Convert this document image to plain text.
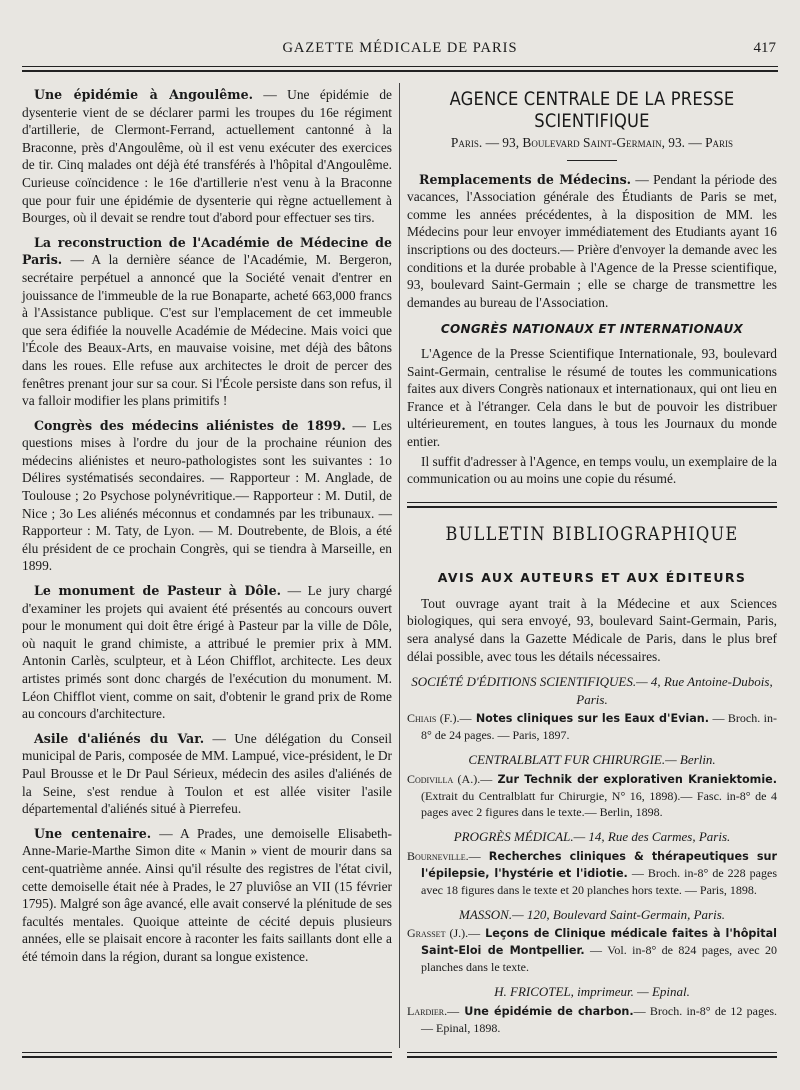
GAZETTE MÉDICALE DE PARIS	417
Une épidémie à Angoulême. — Une épidémie de dysenterie vient de se déclarer parmi les troupes du 16e régiment d'artillerie, de Clermont-Ferrand, actuellement cantonné à la Braconne, près d'Angoulême, où il est venu exécuter des exercices de tir. Cinq malades ont déjà été transférés à l'hôpital d'Angoulême. Curieuse coïncidence : le 16e d'artillerie n'est venu à la Braconne que pour fuir une épidémie de dysenterie qui règne actuellement à Bourges, où il devait se rendre tout d'abord pour effectuer ses tirs.
La reconstruction de l'Académie de Médecine de Paris. — A la dernière séance de l'Académie, M. Bergeron, secrétaire perpétuel a annoncé que la Société venait d'entrer en jouissance de l'immeuble de la rue Bonaparte, acheté 663,000 francs à l'Assistance publique. C'est sur l'emplacement de cet immeuble que sera édifiée la nouvelle Académie de Médecine. Mais voici que l'École des Beaux-Arts, en mauvaise voisine, met déjà des bâtons dans les roues. Elle refuse aux architectes le droit de percer des fenêtres prenant jour sur sa cour. Si l'École persiste dans son refus, il va falloir modifier les plans primitifs !
Congrès des médecins aliénistes de 1899. — Les questions mises à l'ordre du jour de la prochaine réunion des médecins aliénistes et neuro-pathologistes sont les suivantes : 1o Délires systématisés secondaires. — Rapporteur : M. Anglade, de Toulouse ; 2o Psychose polynévritique.— Rapporteur : M. Dutil, de Nice ; 3o Les aliénés méconnus et condamnés par les tribunaux. — Rapporteur : M. Taty, de Lyon. — M. Doutrebente, de Blois, a été élu président de ce prochain Congrès, qui se tiendra à Marseille, en 1899.
Le monument de Pasteur à Dôle. — Le jury chargé d'examiner les projets qui avaient été présentés au concours ouvert pour le monument qui doit être érigé à Pasteur par la ville de Dôle, où naquit le grand chimiste, a attribué le premier prix à MM. Antonin Carlès, sculpteur, et à Léon Chifflot, architecte. Les deux artistes primés sont donc chargés de l'exécution du monument. M. Léon Chifflot vient, comme on sait, d'obtenir le grand prix de Rome au concours d'architecture.
Asile d'aliénés du Var. — Une délégation du Conseil municipal de Paris, composée de MM. Lampué, vice-président, le Dr Paul Brousse et le Dr Paul Sérieux, médecin des asiles d'aliénés de la Seine, s'est rendue à Toulon et est allée visiter l'asile départemental d'aliénés situé à Pierrefeu.
Une centenaire. — A Prades, une demoiselle Elisabeth-Anne-Marie-Marthe Simon dite « Manin » vient de mourir dans sa cent-quatrième année. Ainsi qu'il résulte des registres de l'état civil, cette demoiselle était née à Prades, le 27 pluviôse an VII (15 février 1795). Malgré son âge avancé, elle avait conservé la plénitude de ses facultés mentales. Quoique atteinte de cécité depuis plusieurs années, elle se plaisait encore à raconter les faits saillants dont elle a été témoin dans la région, durant sa longue existence.
AGENCE CENTRALE DE LA PRESSE SCIENTIFIQUE
Paris. — 93, Boulevard Saint-Germain, 93. — Paris
Remplacements de Médecins. — Pendant la période des vacances, l'Association générale des Étudiants de Paris se met, comme les années précédentes, à la disposition de MM. les Médecins pour leur envoyer immédiatement des Etudiants ayant 16 inscriptions ou des docteurs.— Prière d'envoyer la demande avec les conditions et la durée probable à l'Agence de la Presse scientifique, 93, boulevard Saint-Germain ; elle se charge de transmettre les demandes au bureau de l'Association.
CONGRÈS NATIONAUX ET INTERNATIONAUX
L'Agence de la Presse Scientifique Internationale, 93, boulevard Saint-Germain, centralise le résumé de toutes les communications faites aux divers Congrès nationaux et internationaux, qui ont lieu en France et à l'étranger. Cela dans le but de pouvoir les distribuer ultérieurement, en toutes langues, à tous les Journaux du monde entier.
Il suffit d'adresser à l'Agence, en temps voulu, un exemplaire de la communication ou au moins une copie du résumé.
BULLETIN BIBLIOGRAPHIQUE
AVIS AUX AUTEURS ET AUX ÉDITEURS
Tout ouvrage ayant trait à la Médecine et aux Sciences biologiques, qui sera envoyé, 93, boulevard Saint-Germain, Paris, sera analysé dans la Gazette Médicale de Paris, dans le plus bref délai possible, avec tous les détails nécessaires.
SOCIÉTÉ D'ÉDITIONS SCIENTIFIQUES.— 4, Rue Antoine-Dubois, Paris.
Chiais (F.).— Notes cliniques sur les Eaux d'Evian. — Broch. in-8° de 24 pages. — Paris, 1897.
CENTRALBLATT FUR CHIRURGIE.— Berlin.
Codivilla (A.).— Zur Technik der explorativen Kraniektomie. (Extrait du Centralblatt fur Chirurgie, N° 16, 1898).— Fasc. in-8° de 4 pages avec 2 figures dans le texte.— Berlin, 1898.
PROGRÈS MÉDICAL.— 14, Rue des Carmes, Paris.
Bourneville.— Recherches cliniques & thérapeutiques sur l'épilepsie, l'hystérie et l'idiotie. — Broch. in-8° de 228 pages avec 18 figures dans le texte et 20 planches hors texte. — Paris, 1898.
MASSON.— 120, Boulevard Saint-Germain, Paris.
Grasset (J.).— Leçons de Clinique médicale faites à l'hôpital Saint-Eloi de Montpellier. — Vol. in-8° de 824 pages, avec 20 planches dans le texte.
H. FRICOTEL, imprimeur. — Epinal.
Lardier.— Une épidémie de charbon.— Broch. in-8° de 12 pages. — Epinal, 1898.
